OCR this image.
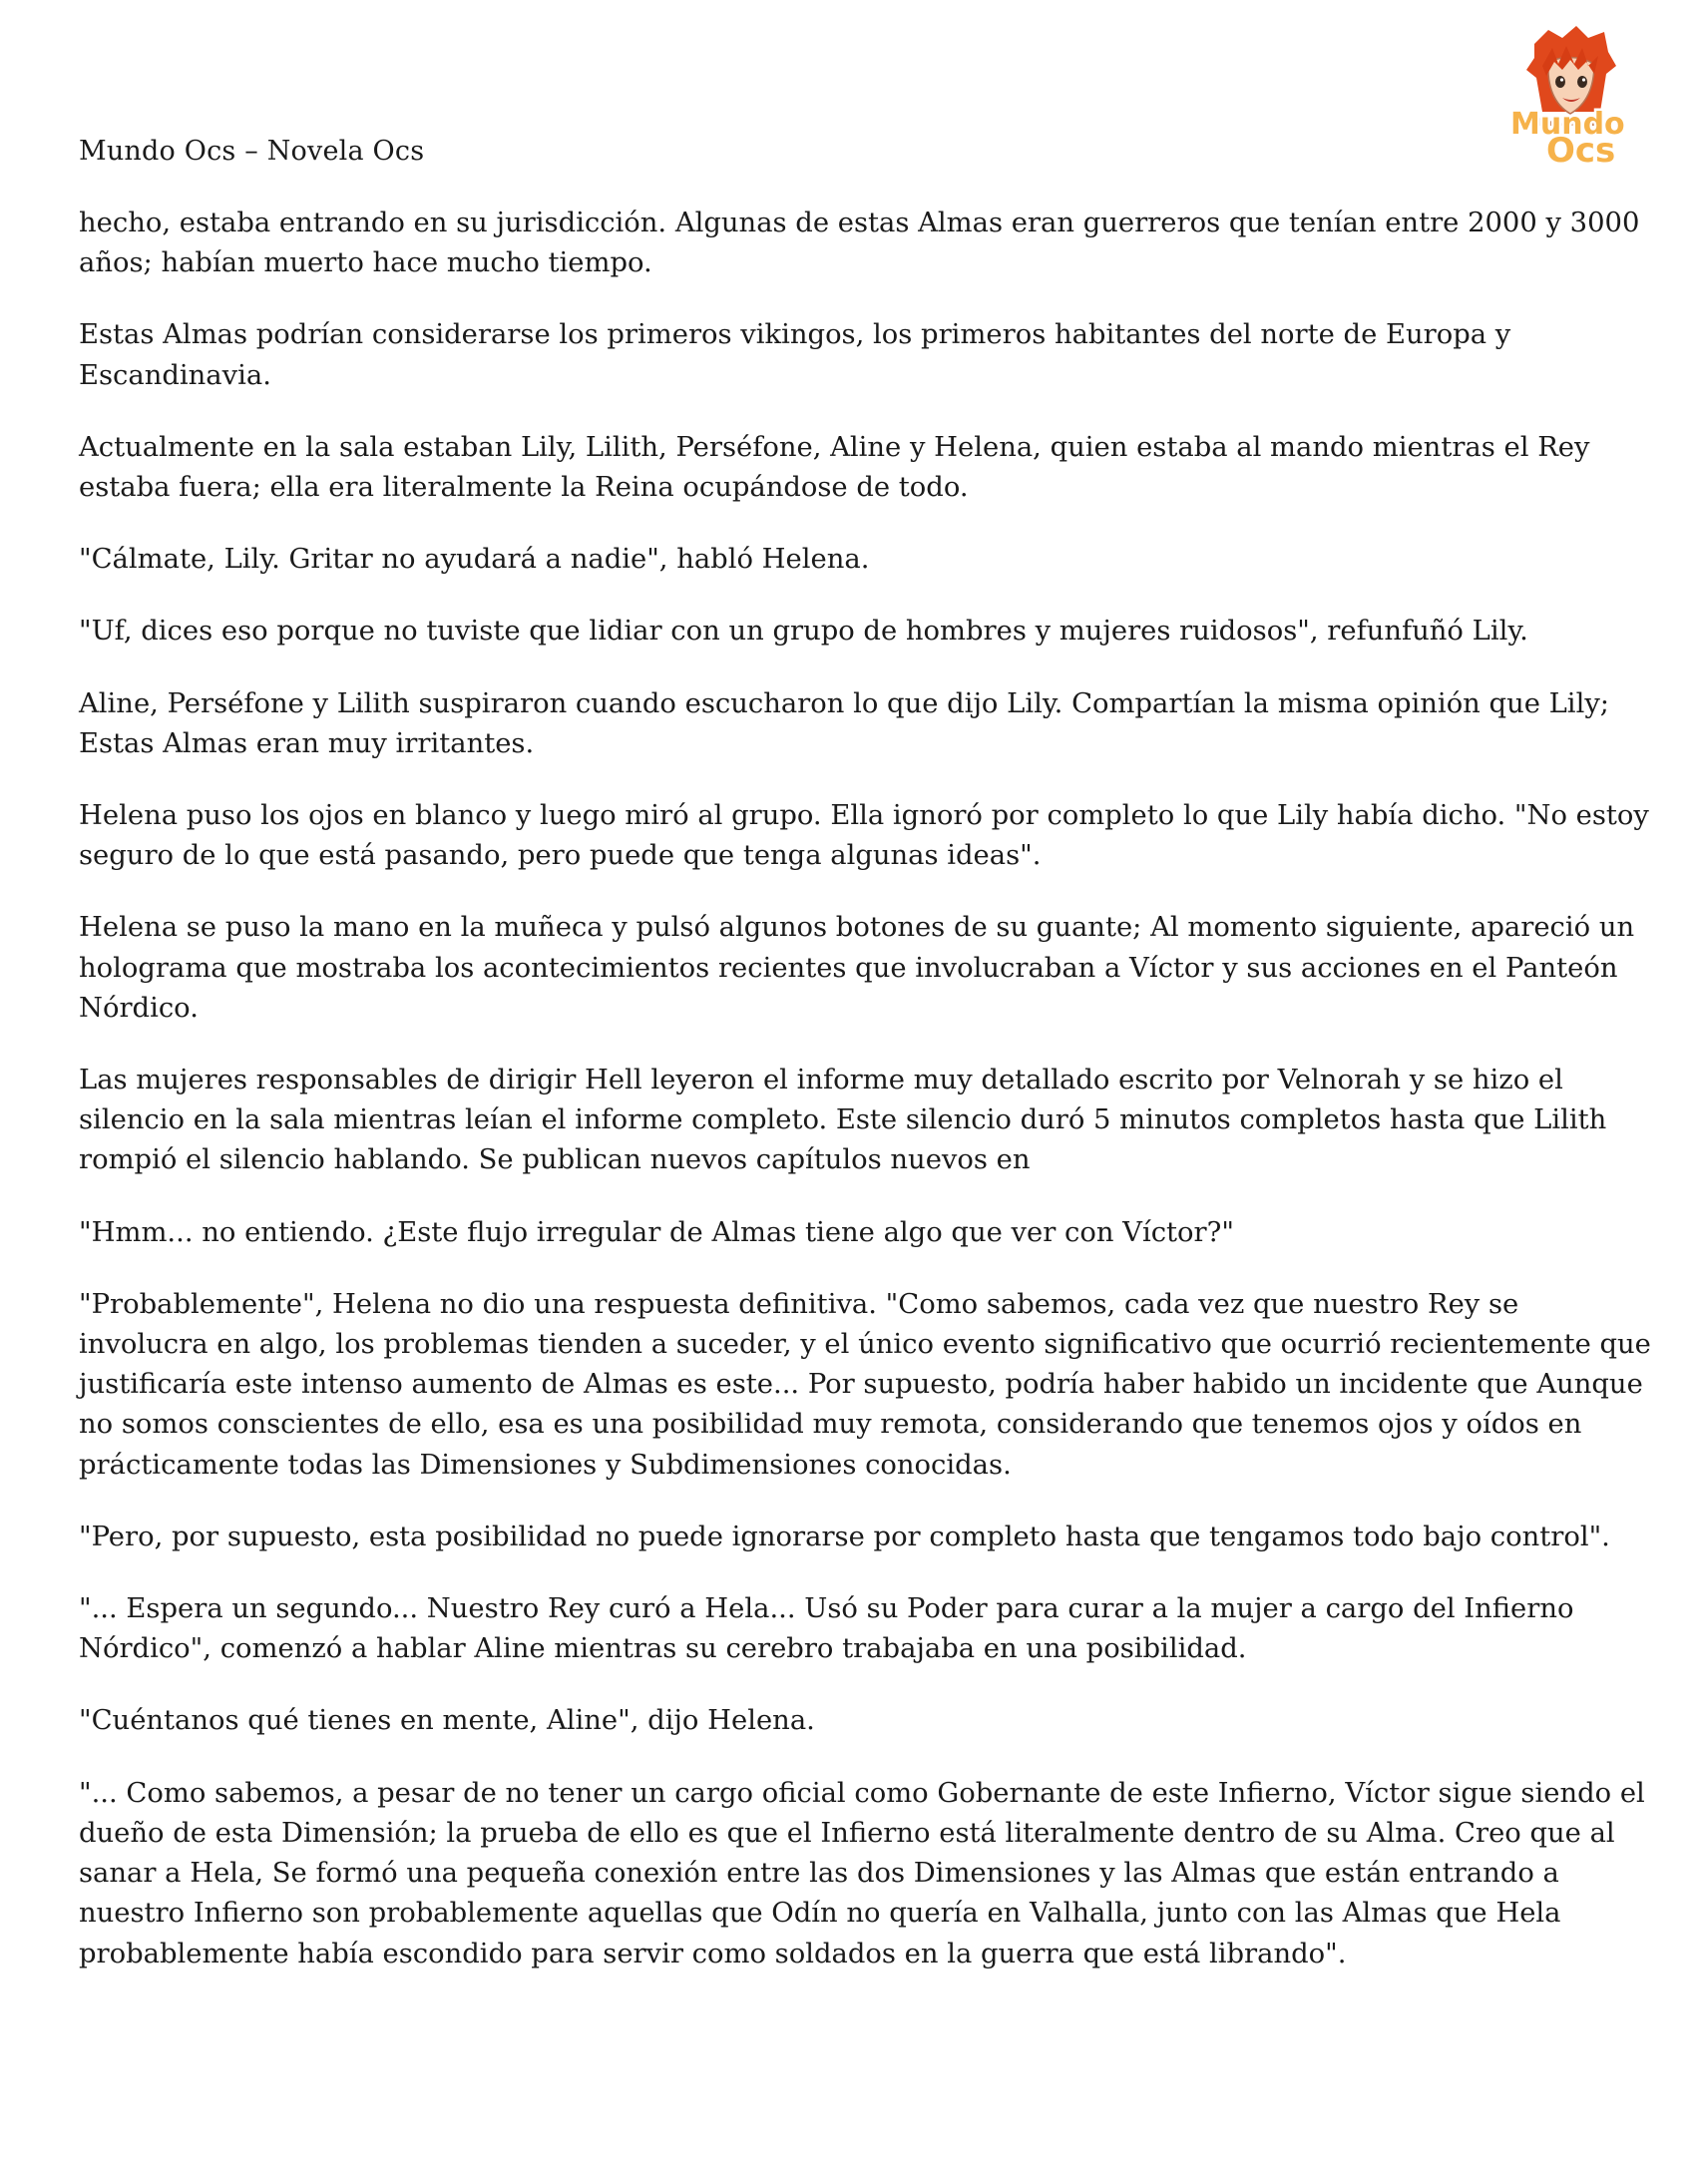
Mundo Ocs – Novela Ocs
Mundo
Ocs

hecho, estaba entrando en su jurisdicción. Algunas de estas Almas eran guerreros que tenían entre 2000 y 3000 años; habían muerto hace mucho tiempo.

Estas Almas podrían considerarse los primeros vikingos, los primeros habitantes del norte de Europa y Escandinavia.

Actualmente en la sala estaban Lily, Lilith, Perséfone, Aline y Helena, quien estaba al mando mientras el Rey estaba fuera; ella era literalmente la Reina ocupándose de todo.

"Cálmate, Lily. Gritar no ayudará a nadie", habló Helena.

"Uf, dices eso porque no tuviste que lidiar con un grupo de hombres y mujeres ruidosos", refunfuñó Lily.

Aline, Perséfone y Lilith suspiraron cuando escucharon lo que dijo Lily. Compartían la misma opinión que Lily; Estas Almas eran muy irritantes.

Helena puso los ojos en blanco y luego miró al grupo. Ella ignoró por completo lo que Lily había dicho. "No estoy seguro de lo que está pasando, pero puede que tenga algunas ideas".

Helena se puso la mano en la muñeca y pulsó algunos botones de su guante; Al momento siguiente, apareció un holograma que mostraba los acontecimientos recientes que involucraban a Víctor y sus acciones en el Panteón Nórdico.

Las mujeres responsables de dirigir Hell leyeron el informe muy detallado escrito por Velnorah y se hizo el silencio en la sala mientras leían el informe completo. Este silencio duró 5 minutos completos hasta que Lilith rompió el silencio hablando. Se publican nuevos capítulos nuevos en

"Hmm... no entiendo. ¿Este flujo irregular de Almas tiene algo que ver con Víctor?"

"Probablemente", Helena no dio una respuesta definitiva. "Como sabemos, cada vez que nuestro Rey se involucra en algo, los problemas tienden a suceder, y el único evento significativo que ocurrió recientemente que justificaría este intenso aumento de Almas es este... Por supuesto, podría haber habido un incidente que Aunque no somos conscientes de ello, esa es una posibilidad muy remota, considerando que tenemos ojos y oídos en prácticamente todas las Dimensiones y Subdimensiones conocidas.

"Pero, por supuesto, esta posibilidad no puede ignorarse por completo hasta que tengamos todo bajo control".

"... Espera un segundo... Nuestro Rey curó a Hela... Usó su Poder para curar a la mujer a cargo del Infierno Nórdico", comenzó a hablar Aline mientras su cerebro trabajaba en una posibilidad.

"Cuéntanos qué tienes en mente, Aline", dijo Helena.

"... Como sabemos, a pesar de no tener un cargo oficial como Gobernante de este Infierno, Víctor sigue siendo el dueño de esta Dimensión; la prueba de ello es que el Infierno está literalmente dentro de su Alma. Creo que al sanar a Hela, Se formó una pequeña conexión entre las dos Dimensiones y las Almas que están entrando a nuestro Infierno son probablemente aquellas que Odín no quería en Valhalla, junto con las Almas que Hela probablemente había escondido para servir como soldados en la guerra que está librando".
